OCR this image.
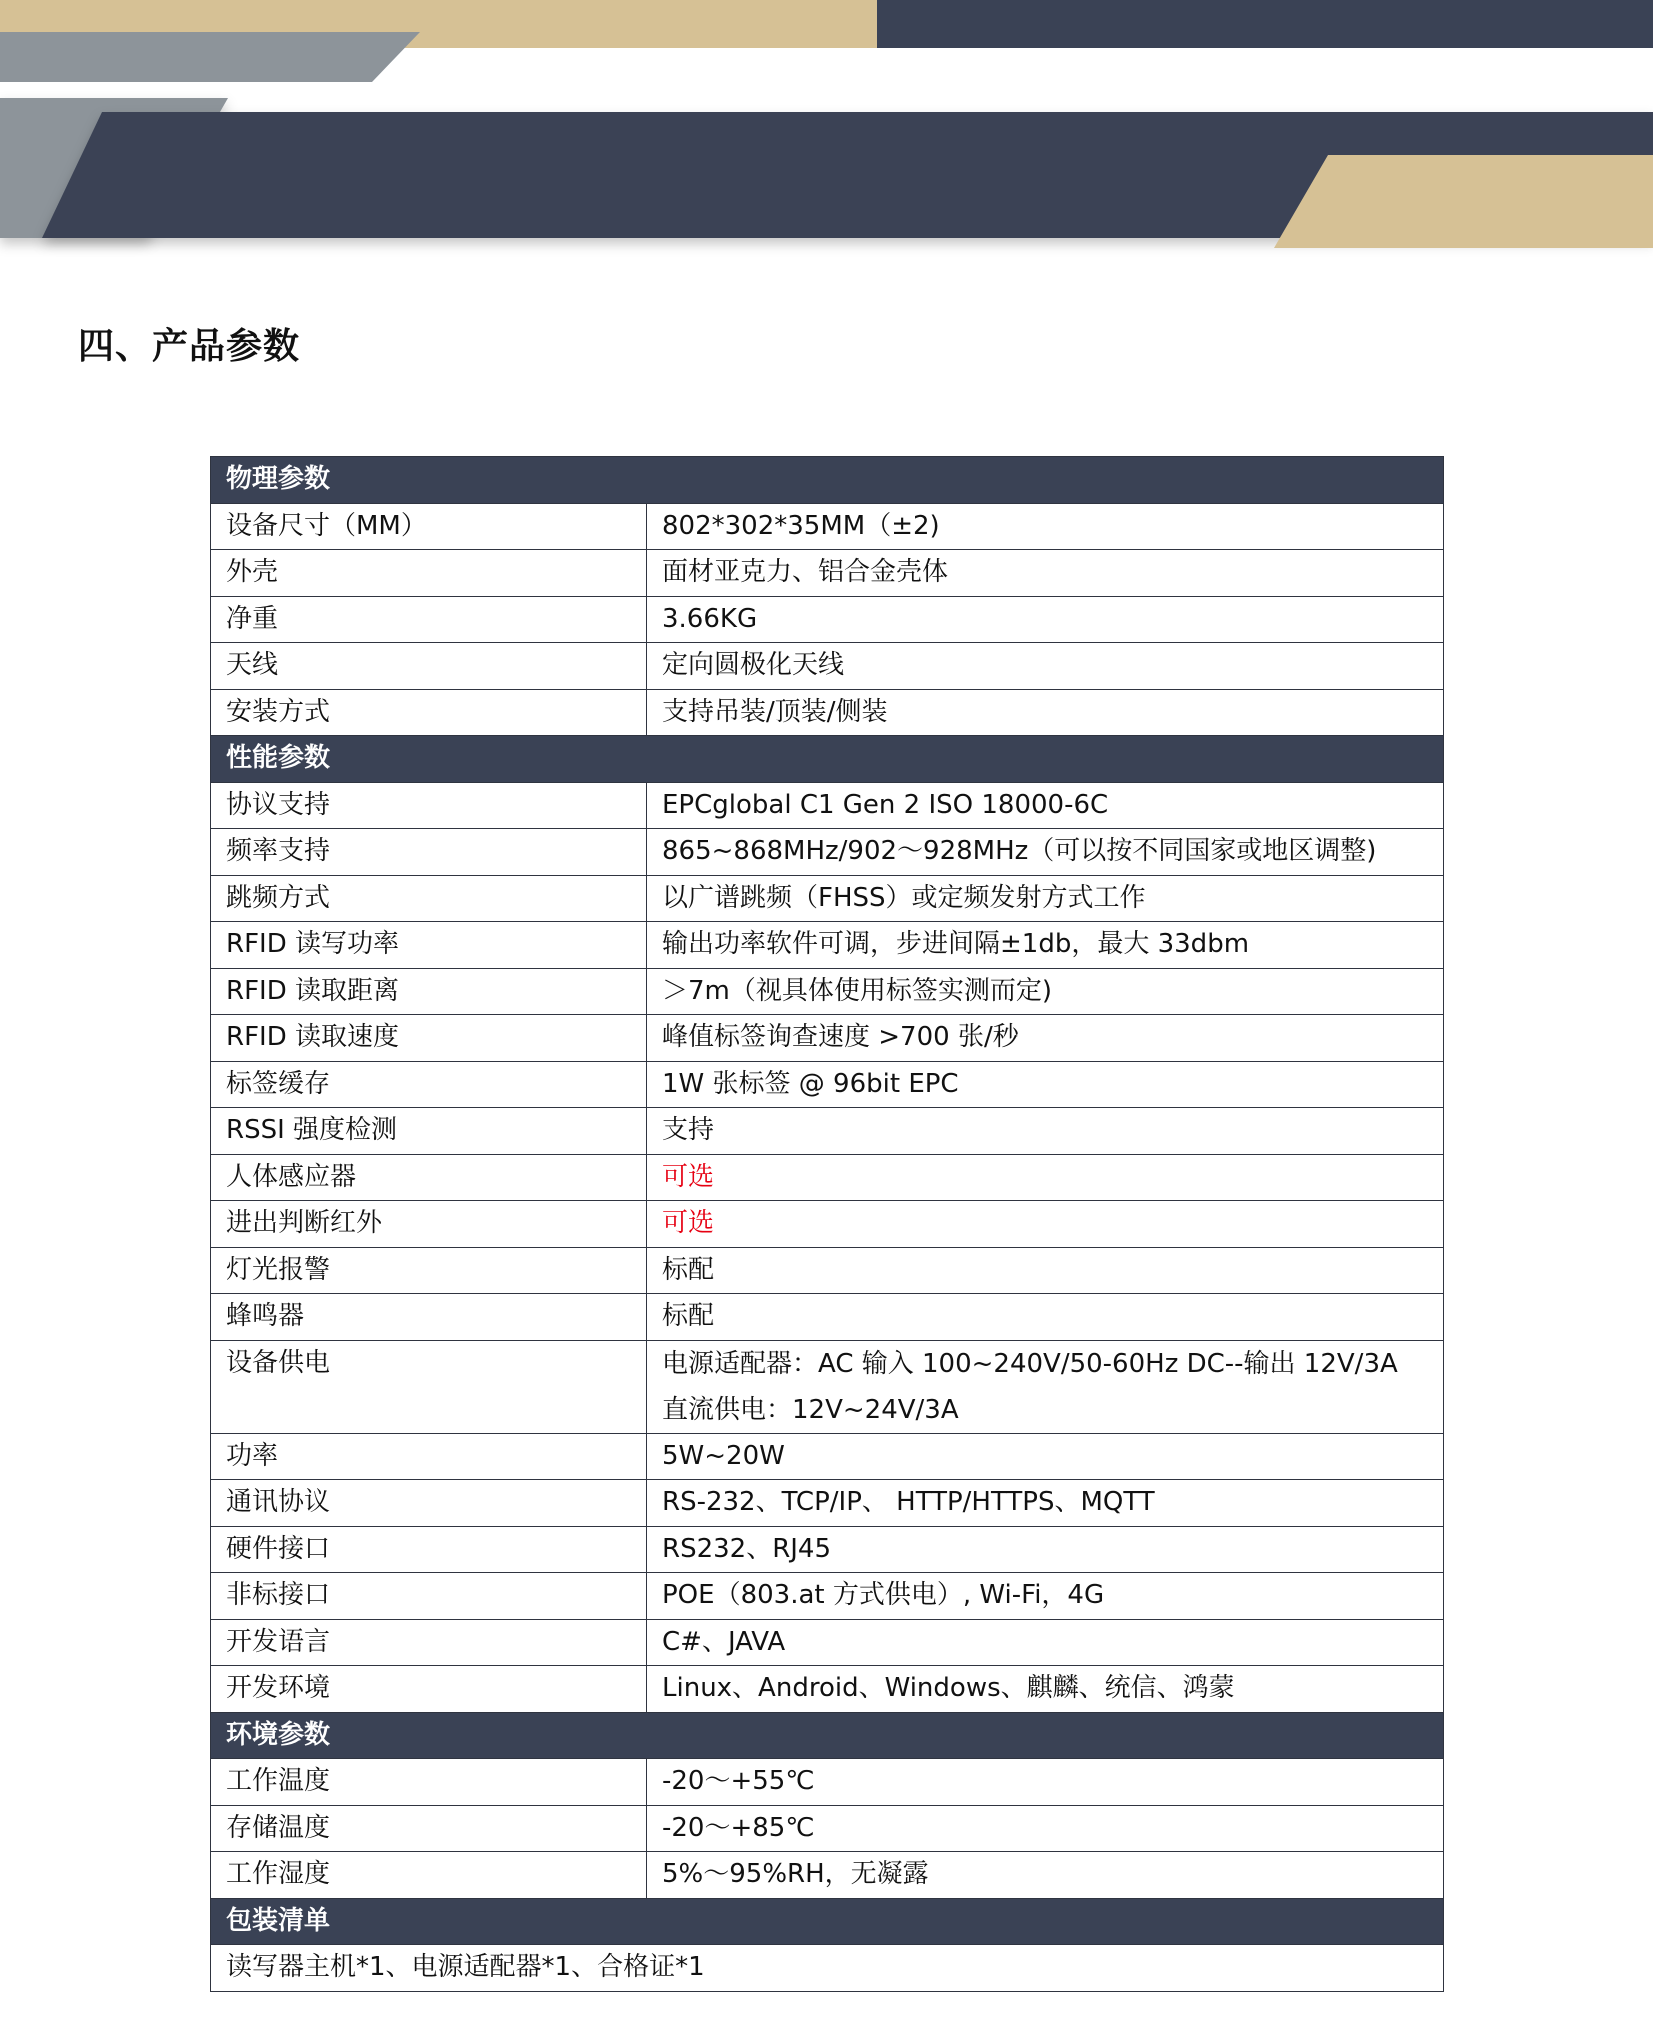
四、产品参数
物理参数	
设备尺寸（MM）	802*302*35MM（±2)
外壳	面材亚克力、铝合金壳体
净重	3.66KG
天线	定向圆极化天线
安装方式	支持吊装/顶装/侧装
性能参数	
协议支持	EPCglobal C1 Gen 2 ISO 18000-6C
频率支持	865~868MHz/902～928MHz（可以按不同国家或地区调整)
跳频方式	以广谱跳频（FHSS）或定频发射方式工作
RFID 读写功率	输出功率软件可调，步进间隔±1db，最大 33dbm
RFID 读取距离	＞7m（视具体使用标签实测而定)
RFID 读取速度	峰值标签询查速度 >700 张/秒
标签缓存	1W 张标签 @ 96bit EPC
RSSI 强度检测	支持
人体感应器	可选
进出判断红外	可选
灯光报警	标配
蜂鸣器	标配
设备供电	电源适配器：AC 输入 100~240V/50-60Hz DC--输出 12V/3A
直流供电：12V~24V/3A

功率	5W~20W
通讯协议	RS-232、TCP/IP、 HTTP/HTTPS、MQTT
硬件接口	RS232、RJ45
非标接口	POE（803.at 方式供电）, Wi-Fi，4G
开发语言	C#、JAVA
开发环境	Linux、Android、Windows、麒麟、统信、鸿蒙
环境参数	
工作温度	-20～+55℃
存储温度	-20～+85℃
工作湿度	5%～95%RH，无凝露
包装清单	
读写器主机*1、电源适配器*1、合格证*1	
